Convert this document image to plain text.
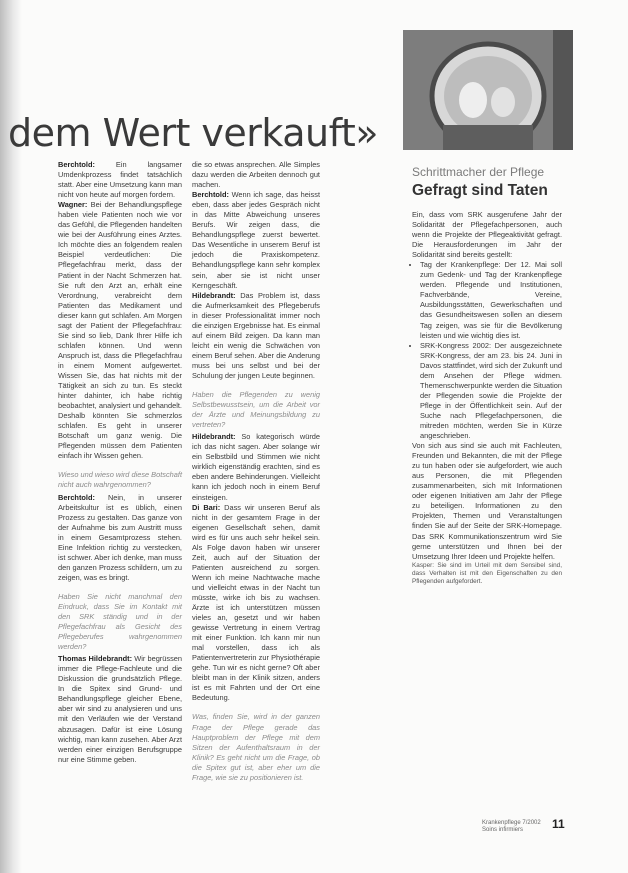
dem Wert verkauft»

Berchtold:	Ein langsamer Umdenkprozess findet tatsächlich statt. Aber eine Umsetzung kann man nicht von heute auf morgen fordern.

Wagner: Bei der Behandlungspflege haben viele Patienten noch wie vor das Gefühl, die Pflegenden handelten wie bei der Ausführung eines Arztes. Ich möchte dies an folgendem realen Beispiel verdeutlichen: Die Pflegefachfrau merkt, dass der Patient in der Nacht Schmerzen hat. Sie ruft den Arzt an, erhält eine Verordnung, verabreicht dem Patienten das Medikament und dieser kann gut schlafen. Am Morgen sagt der Patient der Pflegefachfrau: Sie sind so lieb, Dank Ihrer Hilfe ich schlafen können. Und wenn Anspruch ist, dass die Pflegefachfrau in einem Moment aufgewertet. Wissen Sie, das hat nichts mit der Tätigkeit an sich zu tun. Es steckt hinter dahinter, ich habe richtig beobachtet, analysiert und gehandelt. Deshalb könnten Sie schmerzlos schlafen. Es geht in unserer Botschaft um ganz wenig. Die Pflegenden müssen dem Patienten einfach ihr Wissen gehen.

Wieso und wieso wird diese Botschaft nicht auch wahrgenommen?

Berchtold: Nein, in unserer Arbeitskultur ist es üblich, einen Prozess zu gestalten. Das ganze von der Aufnahme bis zum Austritt muss in einem Gesamtprozess stehen. Eine Infektion richtig zu verstecken, ist schwer. Aber ich denke, man muss den ganzen Prozess schildern, um zu zeigen, was es bringt.

Haben Sie nicht manchmal den Eindruck, dass Sie im Kontakt mit den SRK ständig und in der Pflegefachfrau als Gesicht des Pflegeberufes wahrgenommen werden?

Thomas Hildebrandt: Wir begrüssen immer die Pflege-Fachleute und die Diskussion die grundsätzlich Pflege. In die Spitex sind Grund- und Behandlungspflege gleicher Ebene, aber wir sind zu analysieren und uns mit den Verläufen wie der Verstand abzusagen. Dafür ist eine Lösung wichtig, man kann zusehen. Aber Arzt werden einer einzigen Berufsgruppe nur eine Stimme geben.

die so etwas ansprechen. Alle Simples dazu werden die Arbeiten dennoch gut machen.

Berchtold: Wenn ich sage, das heisst eben, dass aber jedes Gespräch nicht in das Mitte Abweichung unseres Berufs. Wir zeigen dass, die Behandlungspflege zuerst bewertet. Das Wesentliche in unserem Beruf ist jedoch die Praxiskompetenz. Behandlungspflege kann sehr komplex sein, aber sie ist nicht unser Kerngeschäft.

Hildebrandt: Das Problem ist, dass die Aufmerksamkeit des Pflegeberufs in dieser Professionalität immer noch die einzigen Ergebnisse hat. Es einmal auf einem Bild zeigen. Da kann man leicht ein wenig die Schwächen von einem Beruf sehen. Aber die Anderung muss bei uns selbst und bei der Schulung der jungen Leute beginnen.

Haben die Pflegenden zu wenig Selbstbewusstsein, um die Arbeit vor der Ärzte und Meinungsbildung zu vertreten?

Hildebrandt: So kategorisch würde ich das nicht sagen. Aber solange wir ein Selbstbild und Stimmen wie nicht wirklich eigenständig erachten, sind es eben andere Behinderungen. Vielleicht kann ich jedoch noch in einem Beruf einsteigen.

Di Bari: Dass wir unseren Beruf als nicht in der gesamtem Frage in der eigenen Gesellschaft sehen, damit wird es für uns auch sehr heikel sein. Als Folge davon haben wir unserer Zeit, auch auf der Situation der Patienten ausreichend zu sorgen. Wenn ich meine Nachtwache mache und vielleicht etwas in der Nacht tun müsste, wirke ich bis zu wachsen. Ärzte ist ich unterstützen müssen vieles an, gesetzt und wir haben gewisse Vertretung in einem Vertrag mit einer Funktion. Ich kann mir nun mal vorstellen, dass ich als Patientenvertreterin zur Physiothérapie gehe. Tun wir es nicht gerne? Oft aber bleibt man in der Klinik sitzen, anders ist es mit Fahrten und der Ort eine Bedeutung.

Was, finden Sie, wird in der ganzen Frage der Pflege gerade das Hauptproblem der Pflege mit dem Sitzen der Aufenthaltsraum in der Klinik? Es geht nicht um die Frage, ob die Spitex gut ist, aber eher um die Frage, wie sie zu positionieren ist.

Schrittmacher der Pflege
Gefragt sind Taten

Ein, dass vom SRK ausgerufene Jahr der Solidarität der Pflegefachpersonen, auch wenn die Projekte der Pflegeaktivität gefragt. Die Herausforderungen im Jahr der Solidarität sind bereits gestellt:

• Tag der Krankenpflege: Der 12. Mai soll zum Gedenk- und Tag der Krankenpflege werden. Pflegende und Institutionen, Fachverbände, Vereine, Ausbildungsstätten, Gewerkschaften und das Gesundheitswesen sollen an diesem Tag zeigen, was sie für die Bevölkerung leisten und wie wichtig dies ist.
• SRK-Kongress 2002: Der ausgezeichnete SRK-Kongress, der am 23. bis 24. Juni in Davos stattfindet, wird sich der Zukunft und dem Ansehen der Pflege widmen. Themenschwerpunkte werden die Situation der Pflegenden sowie die Projekte der Pflege in der Öffentlichkeit sein. Auf der Suche nach Pflegefachpersonen, die mitreden möchten, werden Sie in Kürze angeschrieben.

Von sich aus sind sie auch mit Fachleuten, Freunden und Bekannten, die mit der Pflege zu tun haben oder sie aufgefordert, wie auch aus Personen, die mit Pflegenden zusammenarbeiten, sich mit Informationen oder eigenen Initiativen am Jahr der Pflege zu beteiligen. Informationen zu den Projekten, Themen und Veranstaltungen finden Sie auf der Seite der SRK-Homepage. Das SRK Kommunikationszentrum wird Sie gerne unterstützen und Ihnen bei der Umsetzung Ihrer Ideen und Projekte helfen.

Kasper: Sie sind im Urteil mit dem Sensibel sind, dass Verhalten ist mit den Eigenschaften zu den Pflegenden aufgefordert.

Krankenpflege 7/2002
Soins infirmiers	11
